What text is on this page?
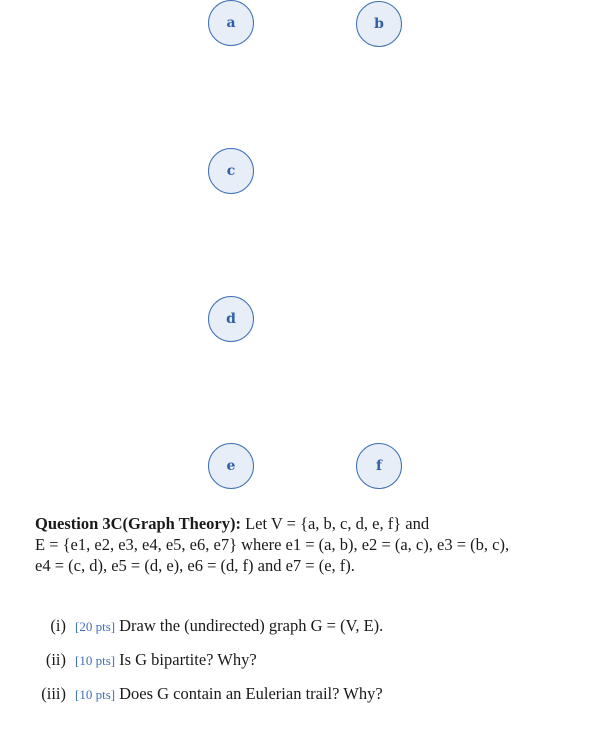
a	b
c
d
e	f
Question 3C(Graph Theory): Let V = {a, b, c, d, e, f} and
E = {e1, e2, e3, e4, e5, e6, e7} where e1 = (a, b), e2 = (a, c), e3 = (b, c),
e4 = (c, d), e5 = (d, e), e6 = (d, f) and e7 = (e, f).
(i) [20 pts] Draw the (undirected) graph G = (V, E).
(ii) [10 pts] Is G bipartite? Why?
(iii) [10 pts] Does G contain an Eulerian trail? Why?
